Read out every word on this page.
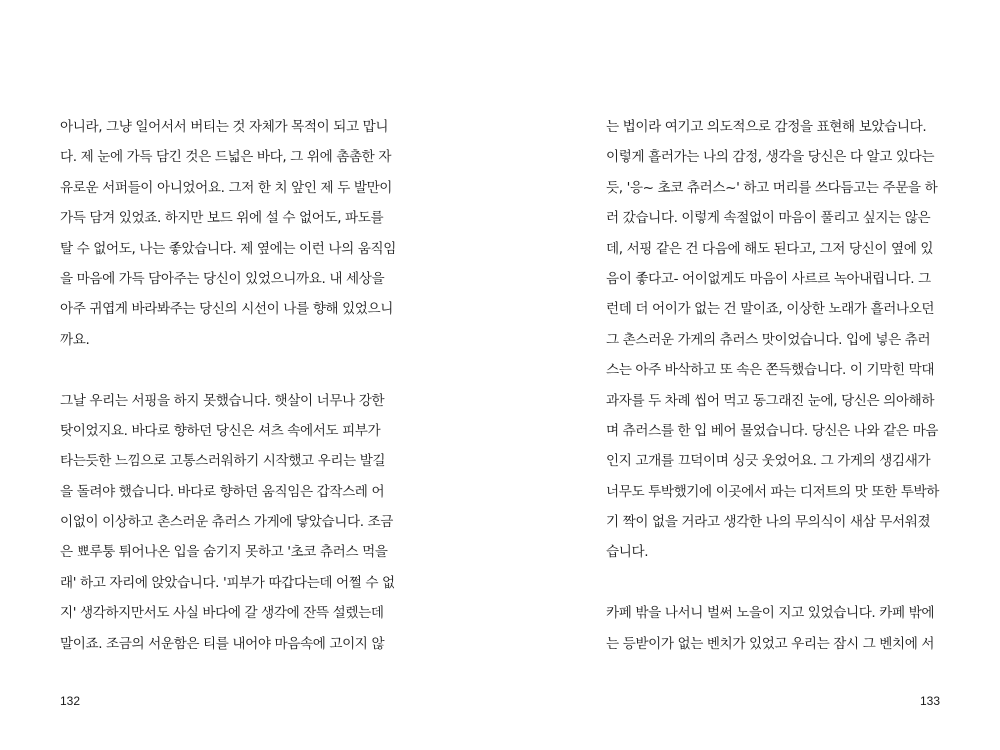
아니라, 그냥 일어서서 버티는 것 자체가 목적이 되고 맙니
다. 제 눈에 가득 담긴 것은 드넓은 바다, 그 위에 촘촘한 자
유로운 서퍼들이 아니었어요. 그저 한 치 앞인 제 두 발만이
가득 담겨 있었죠. 하지만 보드 위에 설 수 없어도, 파도를
탈 수 없어도, 나는 좋았습니다. 제 옆에는 이런 나의 움직임
을 마음에 가득 담아주는 당신이 있었으니까요. 내 세상을
아주 귀엽게 바라봐주는 당신의 시선이 나를 향해 있었으니
까요.
그날 우리는 서핑을 하지 못했습니다. 햇살이 너무나 강한
탓이었지요. 바다로 향하던 당신은 셔츠 속에서도 피부가
타는듯한 느낌으로 고통스러워하기 시작했고 우리는 발길
을 돌려야 했습니다. 바다로 향하던 움직임은 갑작스레 어
이없이 이상하고 촌스러운 츄러스 가게에 닿았습니다. 조금
은 뾰루퉁 튀어나온 입을 숨기지 못하고 '초코 츄러스 먹을
래' 하고 자리에 앉았습니다. '피부가 따갑다는데 어쩔 수 없
지' 생각하지만서도 사실 바다에 갈 생각에 잔뜩 설렜는데
말이죠. 조금의 서운함은 티를 내어야 마음속에 고이지 않
132
는 법이라 여기고 의도적으로 감정을 표현해 보았습니다.
이렇게 흘러가는 나의 감정, 생각을 당신은 다 알고 있다는
듯, '응~ 초코 츄러스~' 하고 머리를 쓰다듬고는 주문을 하
러 갔습니다. 이렇게 속절없이 마음이 풀리고 싶지는 않은
데, 서핑 같은 건 다음에 해도 된다고, 그저 당신이 옆에 있
음이 좋다고- 어이없게도 마음이 사르르 녹아내립니다. 그
런데 더 어이가 없는 건 말이죠, 이상한 노래가 흘러나오던
그 촌스러운 가게의 츄러스 맛이었습니다. 입에 넣은 츄러
스는 아주 바삭하고 또 속은 쫀득했습니다. 이 기막힌 막대
과자를 두 차례 씹어 먹고 동그래진 눈에, 당신은 의아해하
며 츄러스를 한 입 베어 물었습니다. 당신은 나와 같은 마음
인지 고개를 끄덕이며 싱긋 웃었어요. 그 가게의 생김새가
너무도 투박했기에 이곳에서 파는 디저트의 맛 또한 투박하
기 짝이 없을 거라고 생각한 나의 무의식이 새삼 무서워졌
습니다.
카페 밖을 나서니 벌써 노을이 지고 있었습니다. 카페 밖에
는 등받이가 없는 벤치가 있었고 우리는 잠시 그 벤치에 서
133
